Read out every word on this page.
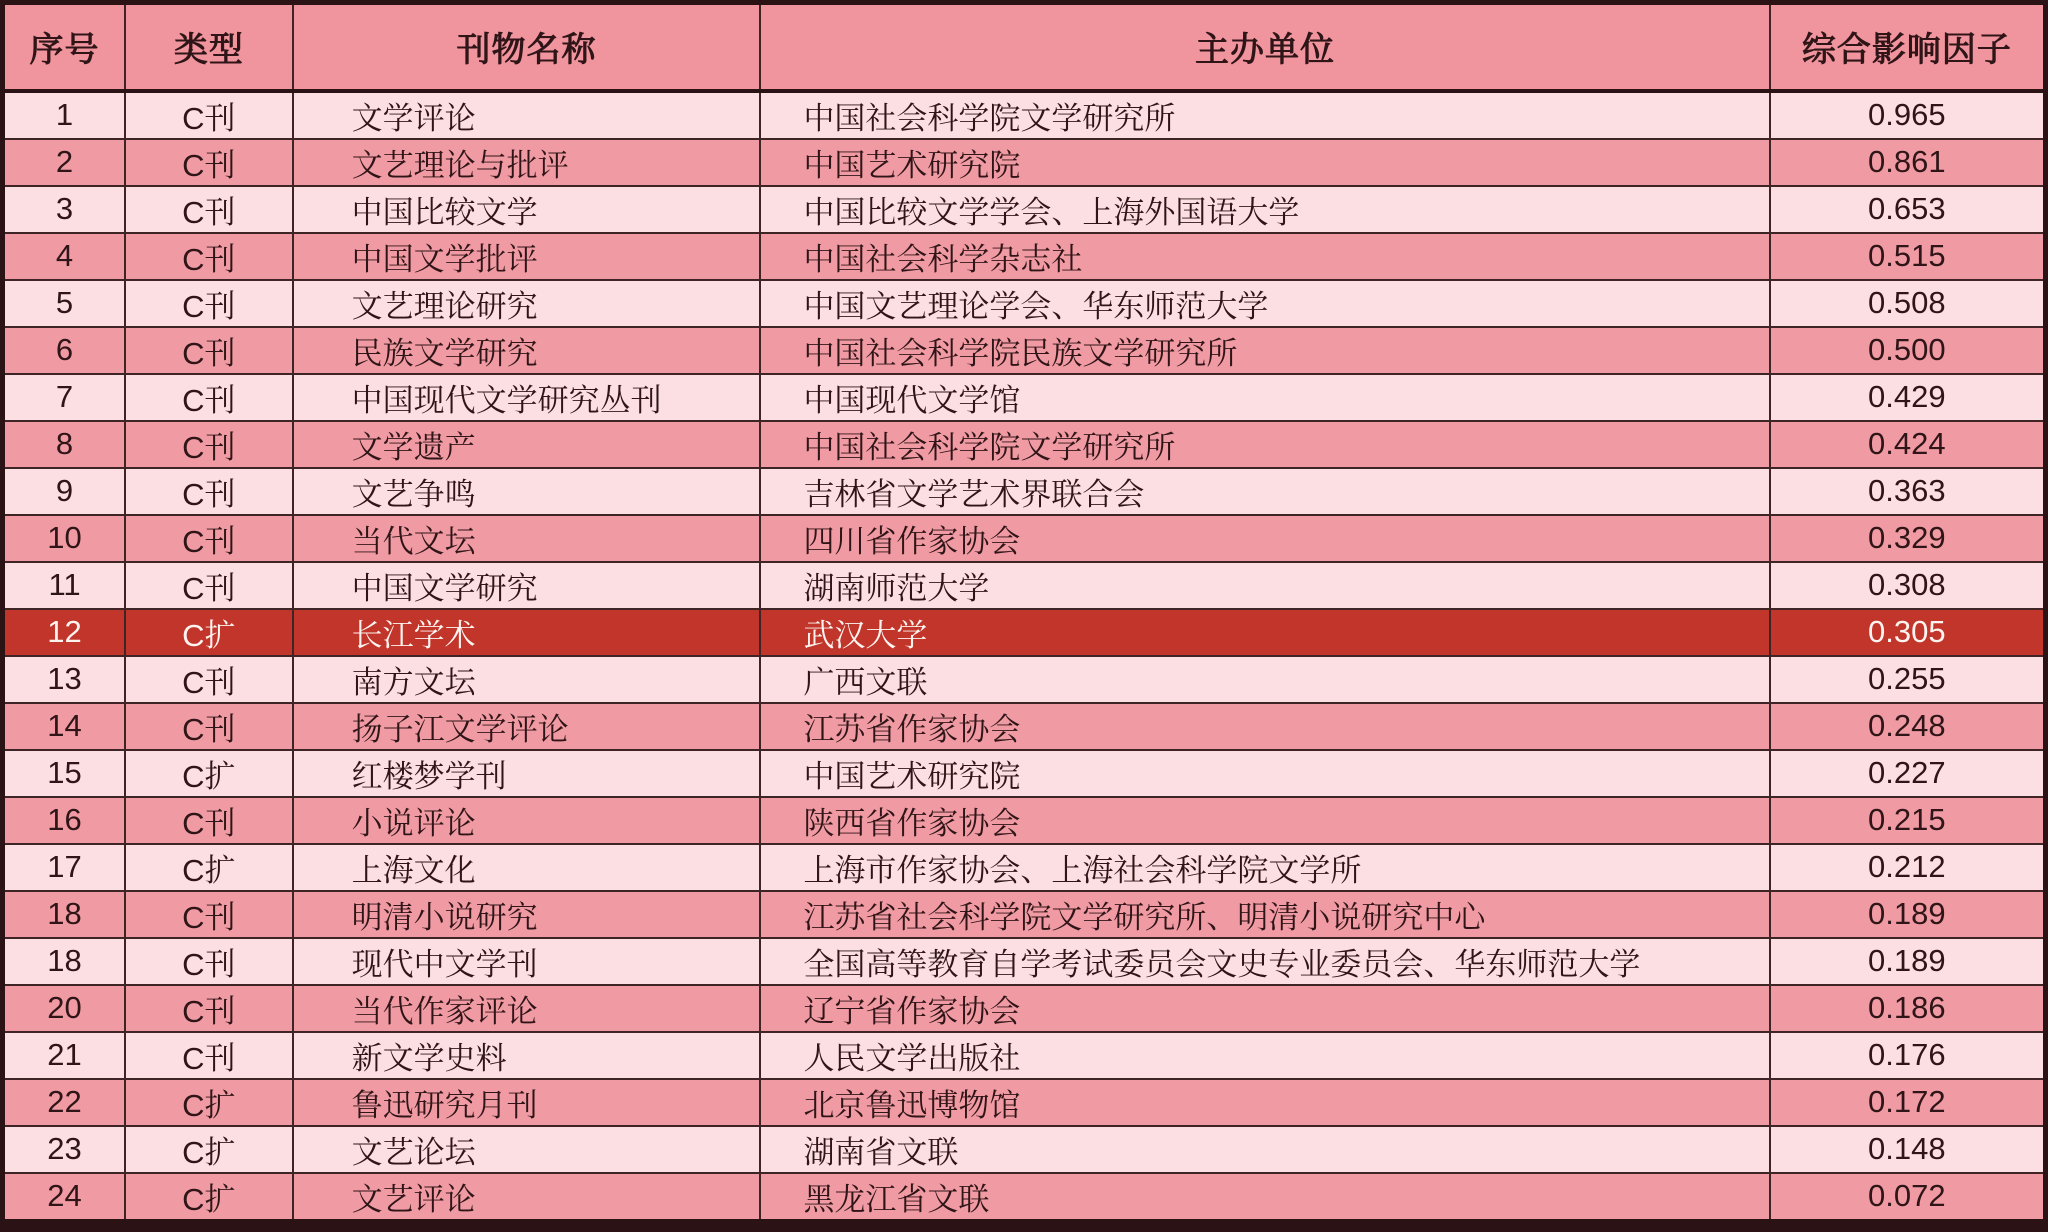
序号	类型	刊物名称	主办单位	综合影响因子
1	C刊	文学评论	中国社会科学院文学研究所	0.965
2	C刊	文艺理论与批评	中国艺术研究院	0.861
3	C刊	中国比较文学	中国比较文学学会、上海外国语大学	0.653
4	C刊	中国文学批评	中国社会科学杂志社	0.515
5	C刊	文艺理论研究	中国文艺理论学会、华东师范大学	0.508
6	C刊	民族文学研究	中国社会科学院民族文学研究所	0.500
7	C刊	中国现代文学研究丛刊	中国现代文学馆	0.429
8	C刊	文学遗产	中国社会科学院文学研究所	0.424
9	C刊	文艺争鸣	吉林省文学艺术界联合会	0.363
10	C刊	当代文坛	四川省作家协会	0.329
11	C刊	中国文学研究	湖南师范大学	0.308
12	C扩	长江学术	武汉大学	0.305
13	C刊	南方文坛	广西文联	0.255
14	C刊	扬子江文学评论	江苏省作家协会	0.248
15	C扩	红楼梦学刊	中国艺术研究院	0.227
16	C刊	小说评论	陕西省作家协会	0.215
17	C扩	上海文化	上海市作家协会、上海社会科学院文学所	0.212
18	C刊	明清小说研究	江苏省社会科学院文学研究所、明清小说研究中心	0.189
18	C刊	现代中文学刊	全国高等教育自学考试委员会文史专业委员会、华东师范大学	0.189
20	C刊	当代作家评论	辽宁省作家协会	0.186
21	C刊	新文学史料	人民文学出版社	0.176
22	C扩	鲁迅研究月刊	北京鲁迅博物馆	0.172
23	C扩	文艺论坛	湖南省文联	0.148
24	C扩	文艺评论	黑龙江省文联	0.072
